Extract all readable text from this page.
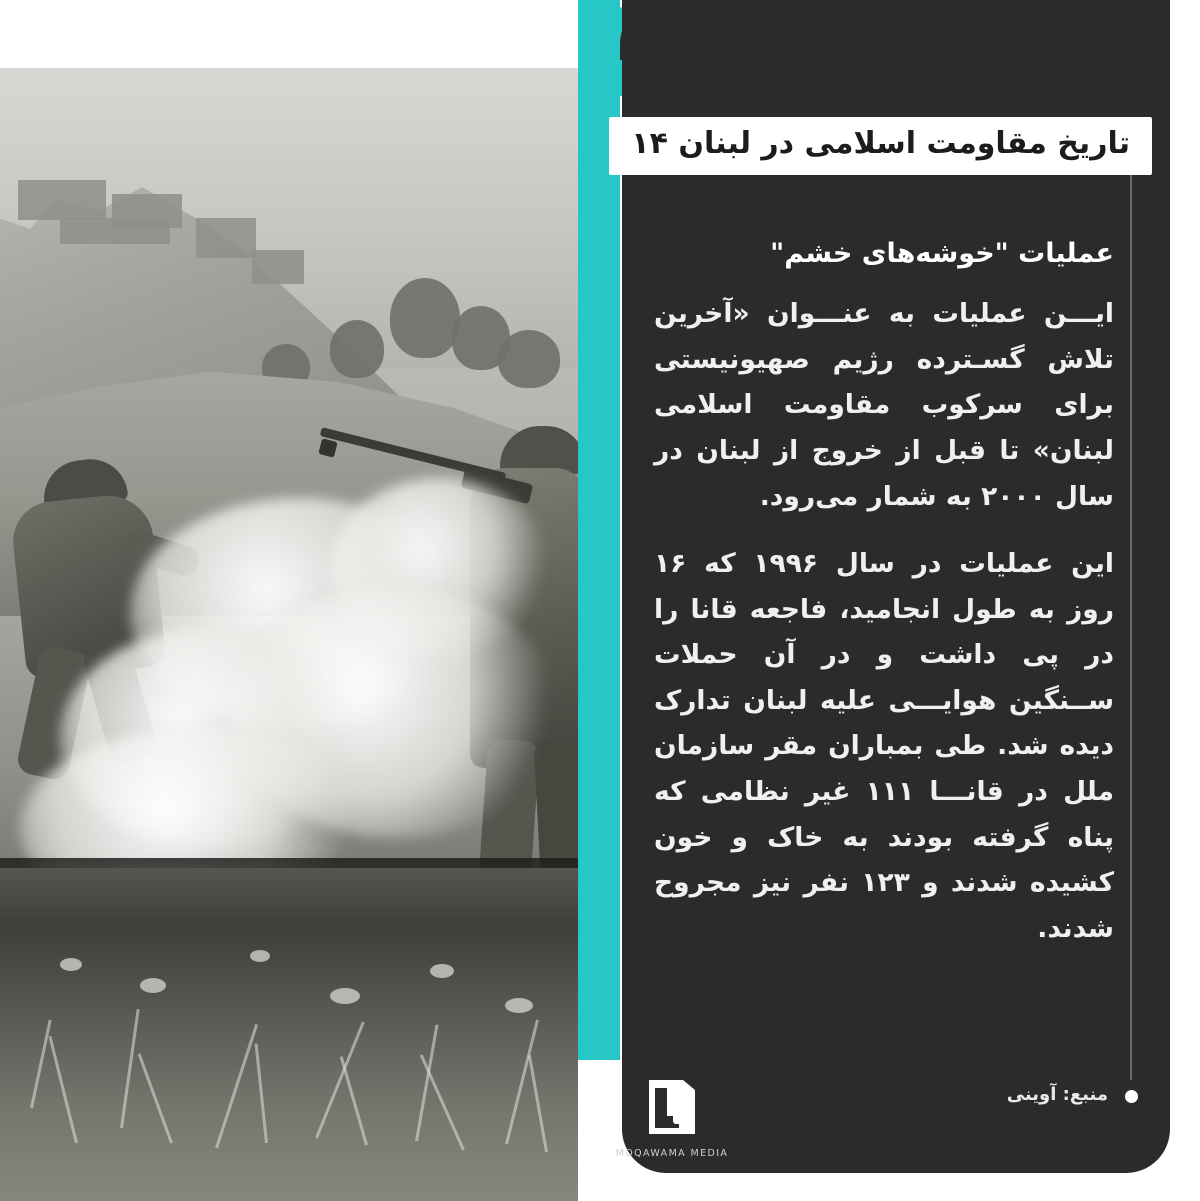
عملیات "خوشه‌های خشم"

ایـــن عملیات به عنـــوان «آخرین تلاش گسـترده رژیم صهیونیستی برای سرکوب مقاومت اسلامی لبنان» تا قبل از خروج از لبنان در سال ۲۰۰۰ به شمار می‌رود.

این عملیات در سال ۱۹۹۶ که ۱۶ روز به طول انجامید، فاجعه قانا را در پی داشت و در آن حملات ســنگین هوایـــی علیه لبنان تدارک دیده شد. طی بمباران مقر سازمان ملل در قانـــا ۱۱۱ غیر نظامی که پناه گرفته بودند به خاک و خون کشیده شدند و ۱۲۳ نفر نیز مجروح شدند.

منبع: آوینی
تاریخ مقاومت اسلامی در لبنان ۱۴
MOQAWAMA MEDIA
